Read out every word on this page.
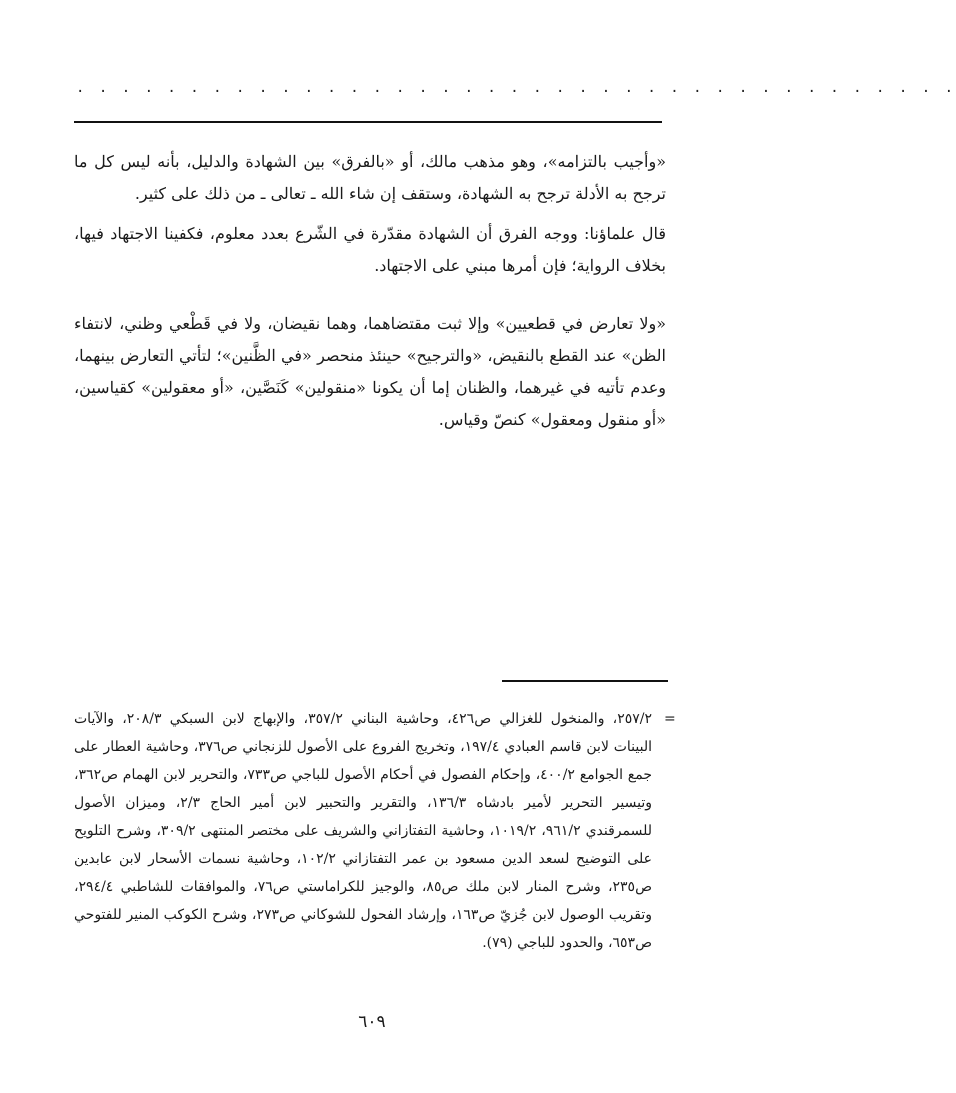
. . . . . . . . . . . . . . . . . . . . . . . . . . . . . . . . . . . . . . .

«وأجيب بالتزامه»، وهو مذهب مالك، أو «بالفرق» بين الشهادة والدليل، بأنه ليس كل ما ترجح به الأدلة ترجح به الشهادة، وستقف إن شاء الله ـ تعالى ـ من ذلك على كثير.

قال علماؤنا: ووجه الفرق أن الشهادة مقدّرة في الشّرع بعدد معلوم، فكفينا الاجتهاد فيها، بخلاف الرواية؛ فإن أمرها مبني على الاجتهاد.

«ولا تعارض في قطعيين» وإلا ثبت مقتضاهما، وهما نقيضان، ولا في قَطْعي وظني، لانتفاء الظن» عند القطع بالنقيض، «والترجيح» حينئذ منحصر «في الظَّنين»؛ لتأتي التعارض بينهما، وعدم تأتيه في غيرهما، والظنان إما أن يكونا «منقولين» كَنَصَّين، «أو معقولين» كقياسين، «أو منقول ومعقول» كنصّ وقياس.

=

٢٥٧/٢، والمنخول للغزالي ص٤٢٦، وحاشية البناني ٣٥٧/٢، والإبهاج لابن السبكي ٢٠٨/٣، والآيات البينات لابن قاسم العبادي ١٩٧/٤، وتخريج الفروع على الأصول للزنجاني ص٣٧٦، وحاشية العطار على جمع الجوامع ٤٠٠/٢، وإحكام الفصول في أحكام الأصول للباجي ص٧٣٣، والتحرير لابن الهمام ص٣٦٢، وتيسير التحرير لأمير بادشاه ١٣٦/٣، والتقرير والتحبير لابن أمير الحاج ٢/٣، وميزان الأصول للسمرقندي ٩٦١/٢، ١٠١٩/٢، وحاشية التفتازاني والشريف على مختصر المنتهى ٣٠٩/٢، وشرح التلويح على التوضيح لسعد الدين مسعود بن عمر التفتازاني ١٠٢/٢، وحاشية نسمات الأسحار لابن عابدين ص٢٣٥، وشرح المنار لابن ملك ص٨٥، والوجيز للكراماستي ص٧٦، والموافقات للشاطبي ٢٩٤/٤، وتقريب الوصول لابن جُزيّ ص١٦٣، وإرشاد الفحول للشوكاني ص٢٧٣، وشرح الكوكب المنير للفتوحي ص٦٥٣، والحدود للباجي (٧٩).

٦٠٩
